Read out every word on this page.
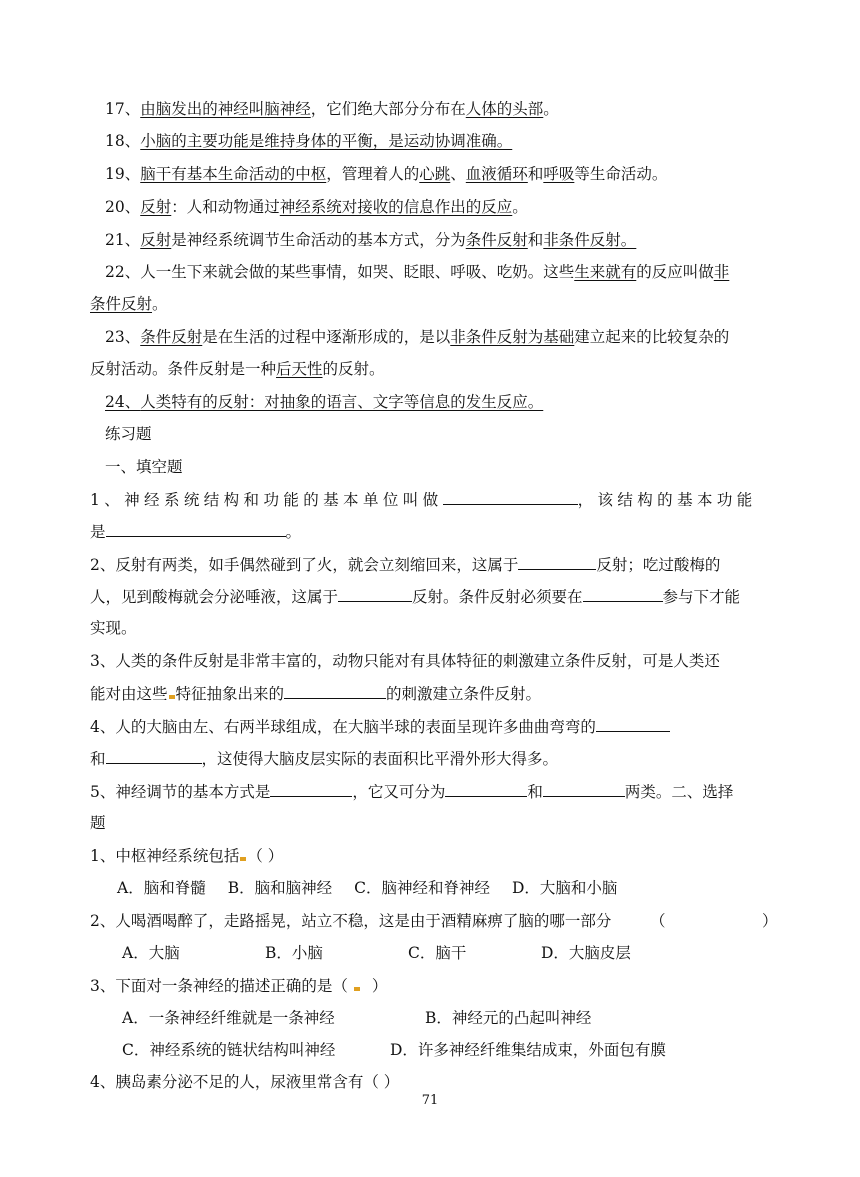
17、由脑发出的神经叫脑神经，它们绝大部分分布在人体的头部。
18、小脑的主要功能是维持身体的平衡，是运动协调准确。
19、脑干有基本生命活动的中枢，管理着人的心跳、血液循环和呼吸等生命活动。
20、反射：人和动物通过神经系统对接收的信息作出的反应。
21、反射是神经系统调节生命活动的基本方式，分为条件反射和非条件反射。
22、人一生下来就会做的某些事情，如哭、眨眼、呼吸、吃奶。这些生来就有的反应叫做非
条件反射。
23、条件反射是在生活的过程中逐渐形成的，是以非条件反射为基础建立起来的比较复杂的
反射活动。条件反射是一种后天性的反射。
24、人类特有的反射：对抽象的语言、文字等信息的发生反应。
练习题
一、填空题
1、神经系统结构和功能的基本单位叫做	，该结构的基本功能
是	。
2、反射有两类，如手偶然碰到了火，就会立刻缩回来，这属于	反射；吃过酸梅的
人，见到酸梅就会分泌唾液，这属于	反射。条件反射必须要在	参与下才能
实现。
3、人类的条件反射是非常丰富的，动物只能对有具体特征的刺激建立条件反射，可是人类还
能对由这些 特征抽象出来的	的刺激建立条件反射。
4、人的大脑由左、右两半球组成，在大脑半球的表面呈现许多曲曲弯弯的
和	，这使得大脑皮层实际的表面积比平滑外形大得多。
5、神经调节的基本方式是	，它又可分为	和	两类。二、选择
题
1、中枢神经系统包括 （ ）
A．脑和脊髓 B．脑和脑神经 C．脑神经和脊神经 D．大脑和小脑
2、人喝酒喝醉了，走路摇晃，站立不稳，这是由于酒精麻痹了脑的哪一部分 （	）
A．大脑	B．小脑	C．脑干	D．大脑皮层
3、下面对一条神经的描述正确的是（ ）
A．一条神经纤维就是一条神经	B．神经元的凸起叫神经
C．神经系统的链状结构叫神经	D．许多神经纤维集结成束，外面包有膜
4、胰岛素分泌不足的人，尿液里常含有（ ）
71
